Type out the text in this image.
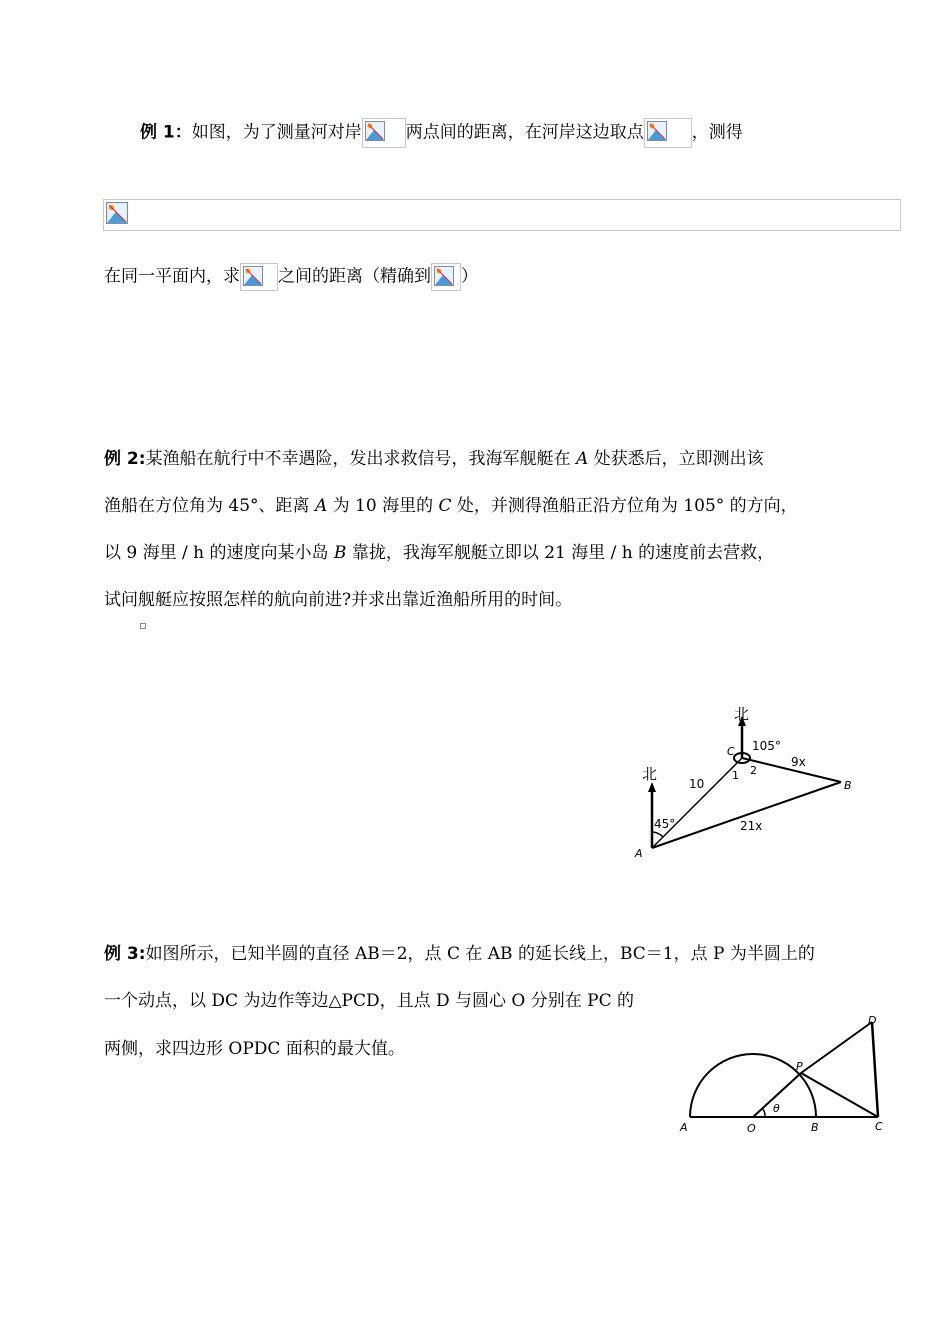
例 1：如图，为了测量河对岸	两点间的距离，在河岸这边取点	，测得
在同一平面内，求 之间的距离（精确到 ）
例 2:某渔船在航行中不幸遇险，发出求救信号，我海军舰艇在 A 处获悉后，立即测出该
渔船在方位角为 45°、距离 A 为 10 海里的 C 处，并测得渔船正沿方位角为 105° 的方向，
以 9 海里 / h 的速度向某小岛 B 靠拢，我海军舰艇立即以 21 海里 / h 的速度前去营救，
试问舰艇应按照怎样的航向前进?并求出靠近渔船所用的时间。
北
北
A
B
C
45°
105°
10
9x
21x
1 2
例 3:如图所示，已知半圆的直径 AB＝2，点 C 在 AB 的延长线上，BC＝1，点 P 为半圆上的
一个动点，以 DC 为边作等边△PCD，且点 D 与圆心 O 分别在 PC 的
两侧，求四边形 OPDC 面积的最大值。
A	O	B	C
P
D
θ
